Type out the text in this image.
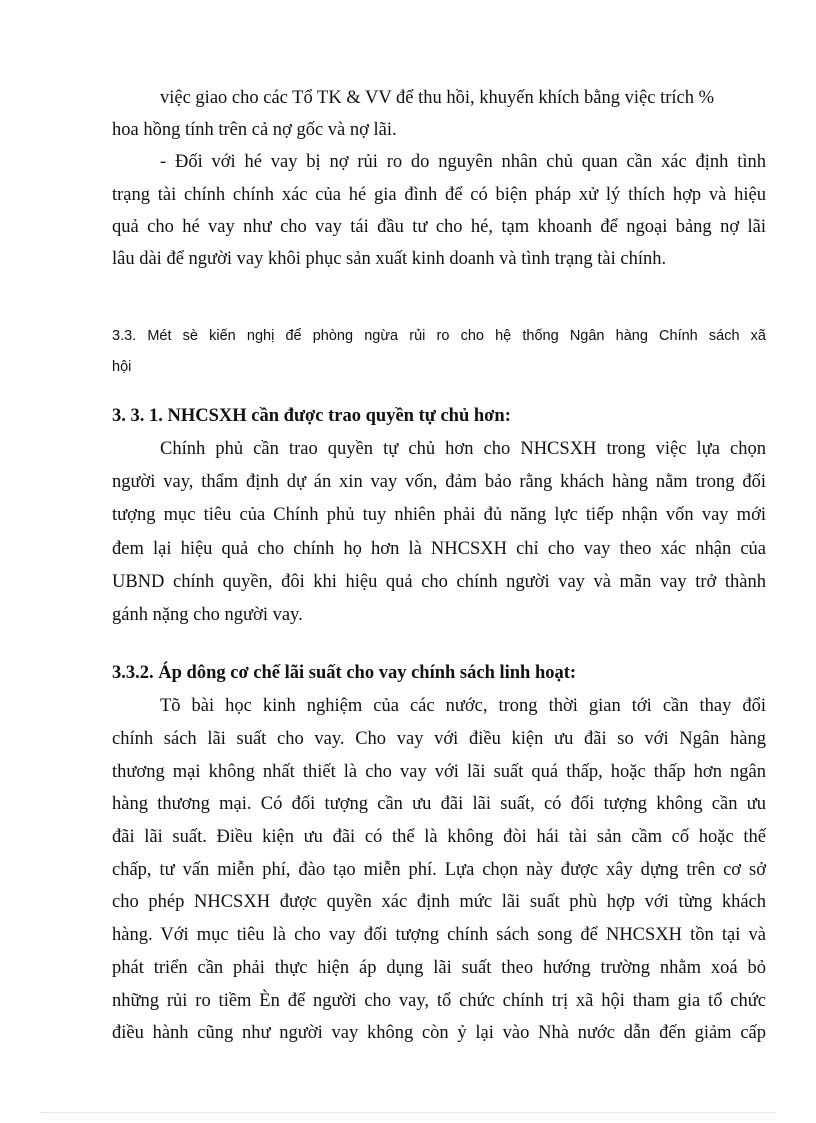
việc giao cho các Tổ TK & VV để thu hồi, khuyến khích bằng việc trích %
hoa hồng tính trên cả nợ gốc và nợ lãi.
- Đối với hé vay bị nợ rủi ro do nguyên nhân chủ quan cần xác định tình
trạng tài chính chính xác của hé gia đình để có biện pháp xử lý thích hợp và hiệu
quả cho hé vay như cho vay tái đầu tư cho hé, tạm khoanh để ngoại bảng nợ lãi
lâu dài để người vay khôi phục sản xuất kinh doanh và tình trạng tài chính.
3.3. Mét sè kiến nghị để phòng ngừa rủi ro cho hệ thống Ngân hàng Chính sách xã
hội
3. 3. 1. NHCSXH cần được trao quyền tự chủ hơn:
Chính phủ cần trao quyền tự chủ hơn cho NHCSXH trong việc lựa chọn
người vay, thẩm định dự án xin vay vốn, đảm bảo rằng khách hàng nằm trong đối
tượng mục tiêu của Chính phủ tuy nhiên phải đủ năng lực tiếp nhận vốn vay mới
đem lại hiệu quả cho chính họ hơn là NHCSXH chỉ cho vay theo xác nhận của
UBND chính quyền, đôi khi hiệu quả cho chính người vay và mãn vay trở thành
gánh nặng cho người vay.
3.3.2. Áp dông cơ chế lãi suất cho vay chính sách linh hoạt:
Tõ bài học kinh nghiệm của các nước, trong thời gian tới cần thay đổi
chính sách lãi suất cho vay. Cho vay với điều kiện ưu đãi so với Ngân hàng
thương mại không nhất thiết là cho vay với lãi suất quá thấp, hoặc thấp hơn ngân
hàng thương mại. Có đối tượng cần ưu đãi lãi suất, có đối tượng không cần ưu
đãi lãi suất. Điều kiện ưu đãi có thể là không đòi hái tài sản cầm cố hoặc thế
chấp, tư vấn miễn phí, đào tạo miễn phí. Lựa chọn này được xây dựng trên cơ sở
cho phép NHCSXH được quyền xác định mức lãi suất phù hợp với từng khách
hàng. Với mục tiêu là cho vay đối tượng chính sách song để NHCSXH tồn tại và
phát triển cần phải thực hiện áp dụng lãi suất theo hướng trường nhằm xoá bỏ
những rủi ro tiềm Èn để người cho vay, tổ chức chính trị xã hội tham gia tổ chức
điều hành cũng như người vay không còn ỷ lại vào Nhà nước dẫn đến giảm cấp
